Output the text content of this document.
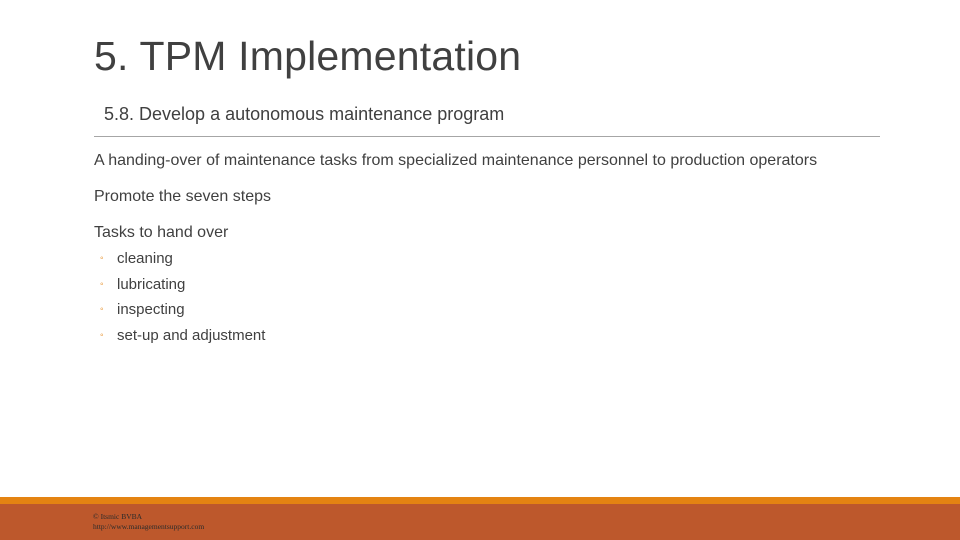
5. TPM Implementation
5.8. Develop a autonomous maintenance program

A handing-over of maintenance tasks from specialized maintenance personnel to production operators

Promote the seven steps

Tasks to hand over

◦ cleaning
◦ lubricating
◦ inspecting
◦ set-up and adjustment
© Itsmic BVBA
http://www.managementsupport.com
